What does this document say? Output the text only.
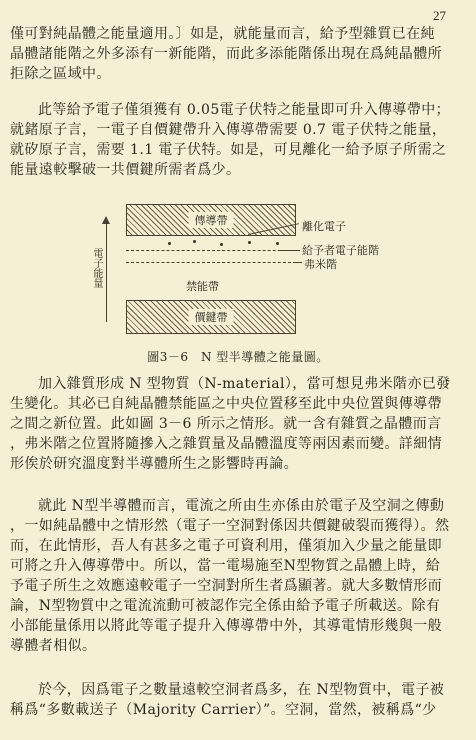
27
僅可對純晶體之能量適用。〕如是，就能量而言，給予型雜質已在純
晶體諸能階之外多添有一新能階，而此多添能階係出現在爲純晶體所
拒除之區域中。
此等給予電子僅須獲有 0.05電子伏特之能量即可升入傳導帶中；
就鍺原子言，一電子自價鍵帶升入傳導帶需要 0.7 電子伏特之能量，
就矽原子言，需要 1.1 電子伏特。如是，可見離化一給予原子所需之
能量遠較擊破一共價鍵所需者爲少。
電子能量
傳導帶
價鍵帶
禁能帶
離化電子
給予者電子能階
弗米階
圖3－6　N 型半導體之能量圖。
加入雜質形成 N 型物質（N-material），當可想見弗米階亦已發
生變化。其必已自純晶體禁能區之中央位置移至此中央位置與傳導帶
之間之新位置。此如圖 3－6 所示之情形。就一含有雜質之晶體而言
，弗米階之位置將隨摻入之雜質量及晶體溫度等兩因素而變。詳細情
形俟於研究溫度對半導體所生之影響時再論。
就此 N型半導體而言，電流之所由生亦係由於電子及空洞之傳動
，一如純晶體中之情形然（電子一空洞對係因共價鍵破裂而獲得）。然
而，在此情形，吾人有甚多之電子可資利用，僅須加入少量之能量即
可將之升入傳導帶中。所以，當一電場施至N型物質之晶體上時，給
予電子所生之效應遠較電子一空洞對所生者爲顯著。就大多數情形而
論，N型物質中之電流流動可被認作完全係由給予電子所載送。除有
小部能量係用以將此等電子提升入傳導帶中外，其導電情形幾與一般
導體者相似。
於今，因爲電子之數量遠較空洞者爲多，在 N型物質中，電子被
稱爲“多數載送子（Majority Carrier）”。空洞，當然，被稱爲“少
